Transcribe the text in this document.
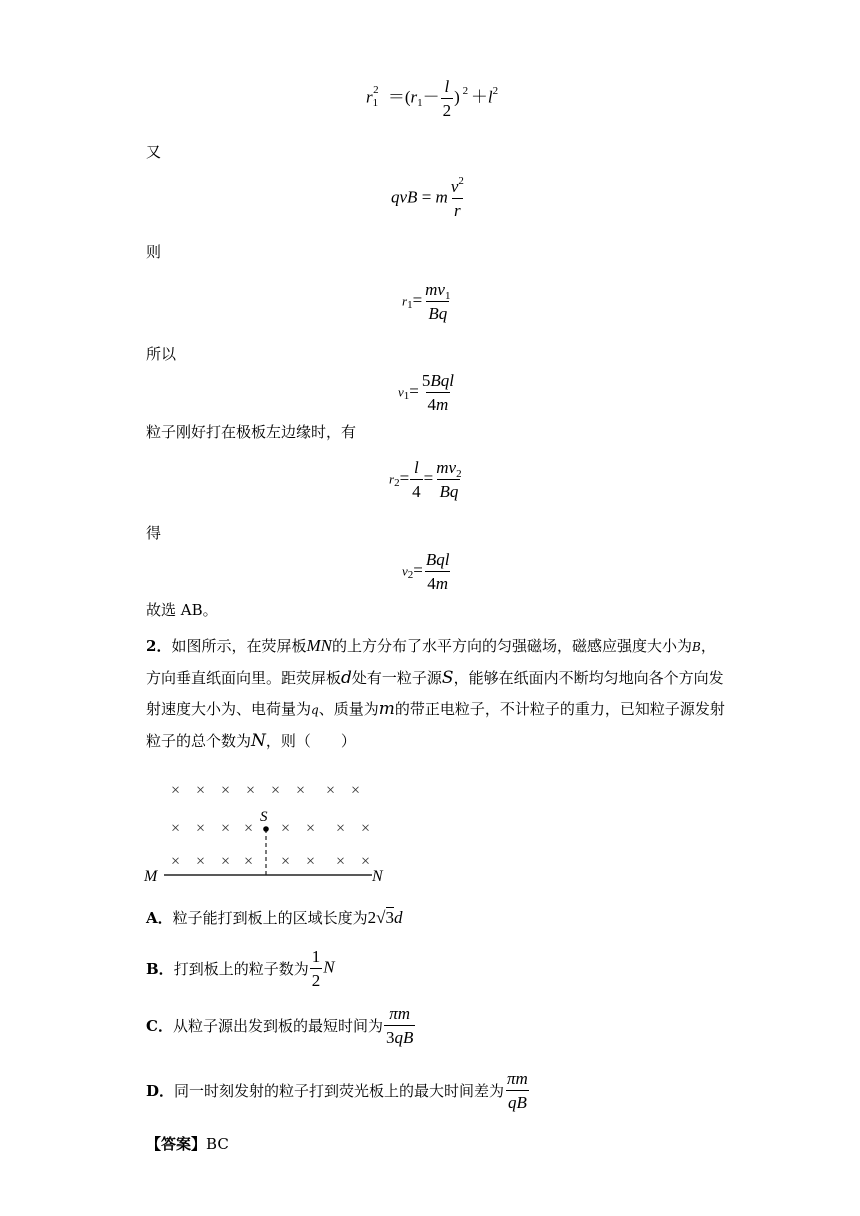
$r_1^2 =(r_1- \frac{l}{2}$ ) $^2 +l^2$
又
qvB = m $\frac{v^2}{r}$
则
$r1= \frac{mv_1}{Bq}$
所以
$v1= \frac{\text{5Bql}}{4m}$
粒子刚好打在极板左边缘时，有
$r2= \frac{l}{4} = \frac{mv_2}{Bq}$
得
$v2= \frac{\text{Bql}}{4m}$
故选 AB。
2．如图所示，在荧屏板MN的上方分布了水平方向的匀强磁场，磁感应强度大小为B，方向垂直纸面向里。距荧屏板d处有一粒子源S，能够在纸面内不断均匀地向各个方向发射速度大小为、电荷量为q、质量为m的带正电粒子，不计粒子的重力，已知粒子源发射粒子的总个数为N，则（　　）
× × × × × × × ×
× × × × × × × ×
× × × × × × × ×
S
M	N
A． 粒子能打到板上的区域长度为 2√3d
B． 打到板上的粒子数为 $\frac{1}{2}$ N
C． 从粒子源出发到板的最短时间为 $\frac{\pi m}{3qB}$
D． 同一时刻发射的粒子打到荧光板上的最大时间差为 $\frac{\pi m}{qB}$
【答案】BC
